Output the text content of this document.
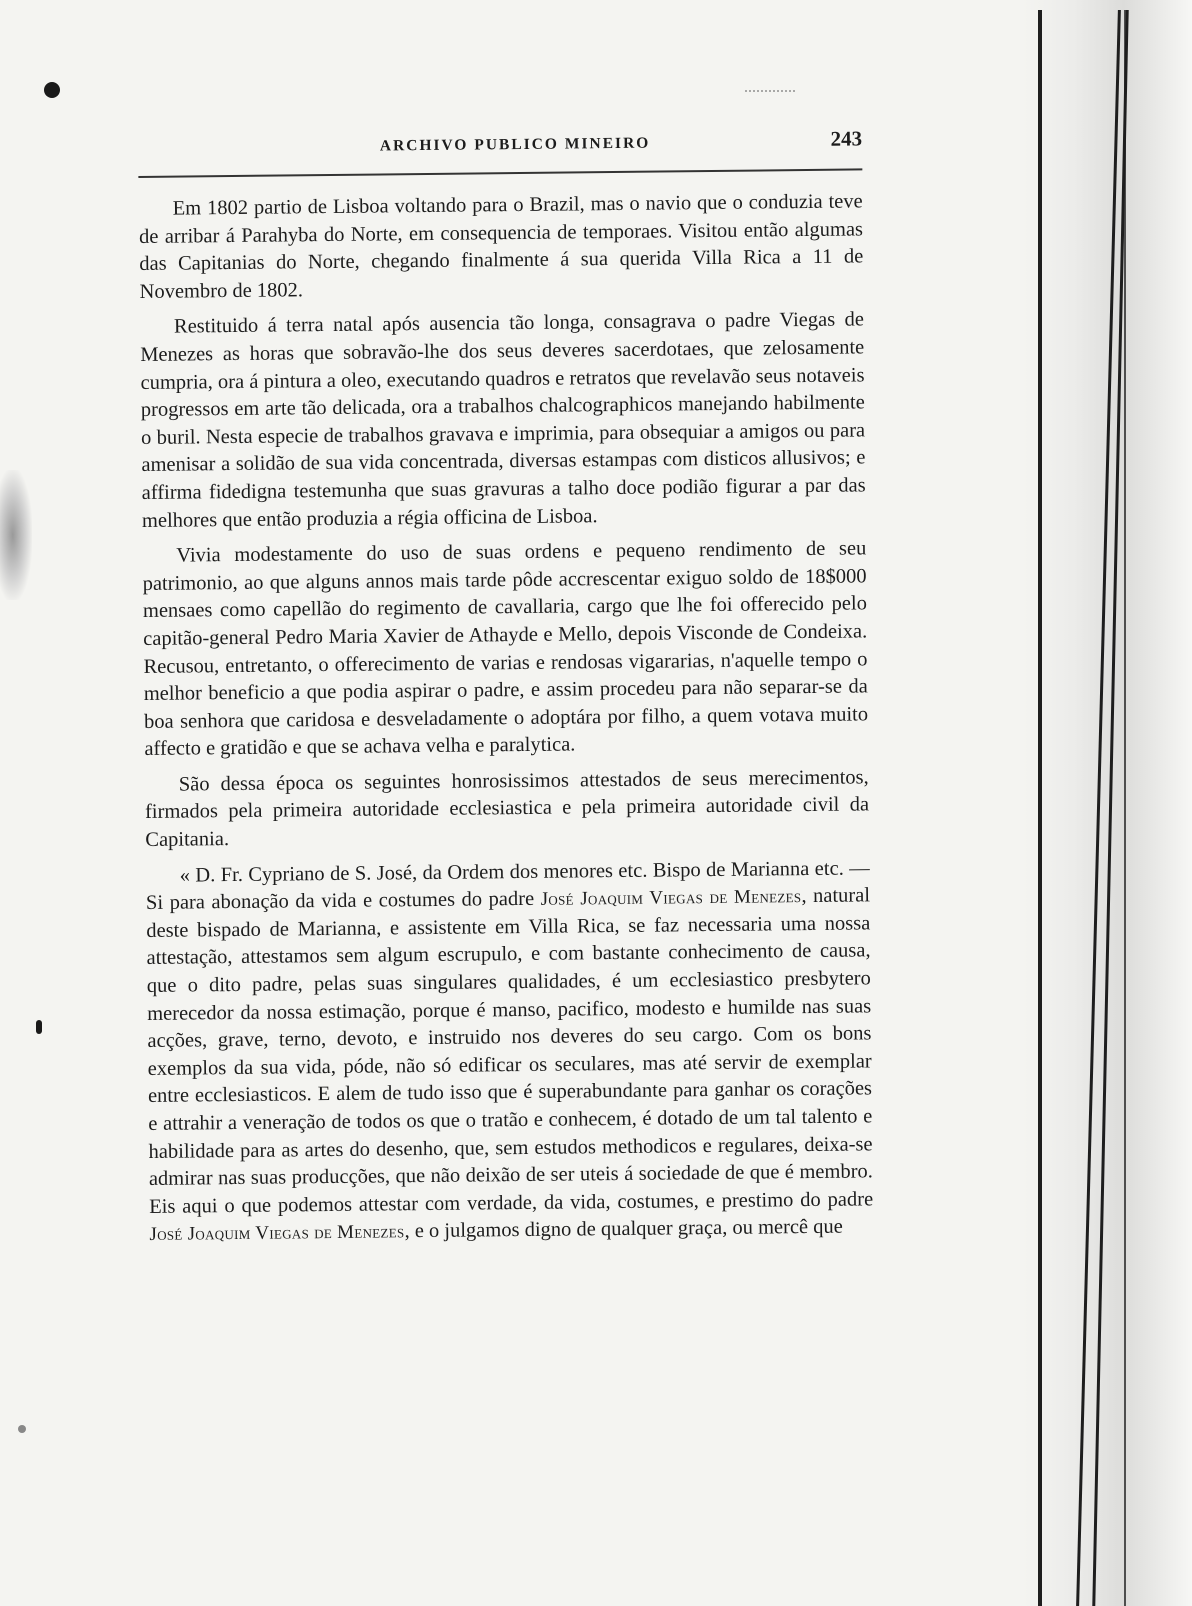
ARCHIVO PUBLICO MINEIRO	243

Em 1802 partio de Lisboa voltando para o Brazil, mas o navio que o conduzia teve de arribar á Parahyba do Norte, em consequencia de temporaes. Visitou então algumas das Capitanias do Norte, chegando finalmente á sua querida Villa Rica a 11 de Novembro de 1802.

Restituido á terra natal após ausencia tão longa, consagrava o padre Viegas de Menezes as horas que sobravão-lhe dos seus deveres sacerdotaes, que zelosamente cumpria, ora á pintura a oleo, executando quadros e retratos que revelavão seus notaveis progressos em arte tão delicada, ora a trabalhos chalcographicos manejando habilmente o buril. Nesta especie de trabalhos gravava e imprimia, para obsequiar a amigos ou para amenisar a solidão de sua vida concentrada, diversas estampas com disticos allusivos; e affirma fidedigna testemunha que suas gravuras a talho doce podião figurar a par das melhores que então produzia a régia officina de Lisboa.

Vivia modestamente do uso de suas ordens e pequeno rendimento de seu patrimonio, ao que alguns annos mais tarde pôde accrescentar exiguo soldo de 18$000 mensaes como capellão do regimento de cavallaria, cargo que lhe foi offerecido pelo capitão-general Pedro Maria Xavier de Athayde e Mello, depois Visconde de Condeixa. Recusou, entretanto, o offerecimento de varias e rendosas vigararias, n'aquelle tempo o melhor beneficio a que podia aspirar o padre, e assim procedeu para não separar-se da boa senhora que caridosa e desveladamente o adoptára por filho, a quem votava muito affecto e gratidão e que se achava velha e paralytica.

São dessa época os seguintes honrosissimos attestados de seus merecimentos, firmados pela primeira autoridade ecclesiastica e pela primeira autoridade civil da Capitania.

« D. Fr. Cypriano de S. José, da Ordem dos menores etc. Bispo de Marianna etc. — Si para abonação da vida e costumes do padre José Joaquim Viegas de Menezes, natural deste bispado de Marianna, e assistente em Villa Rica, se faz necessaria uma nossa attestação, attestamos sem algum escrupulo, e com bastante conhecimento de causa, que o dito padre, pelas suas singulares qualidades, é um ecclesiastico presbytero merecedor da nossa estimação, porque é manso, pacifico, modesto e humilde nas suas acções, grave, terno, devoto, e instruido nos deveres do seu cargo. Com os bons exemplos da sua vida, póde, não só edificar os seculares, mas até servir de exemplar entre ecclesiasticos. E alem de tudo isso que é superabundante para ganhar os corações e attrahir a veneração de todos os que o tratão e conhecem, é dotado de um tal talento e habilidade para as artes do desenho, que, sem estudos methodicos e regulares, deixa-se admirar nas suas producções, que não deixão de ser uteis á sociedade de que é membro. Eis aqui o que podemos attestar com verdade, da vida, costumes, e prestimo do padre José Joaquim Viegas de Menezes, e o julgamos digno de qualquer graça, ou mercê que
